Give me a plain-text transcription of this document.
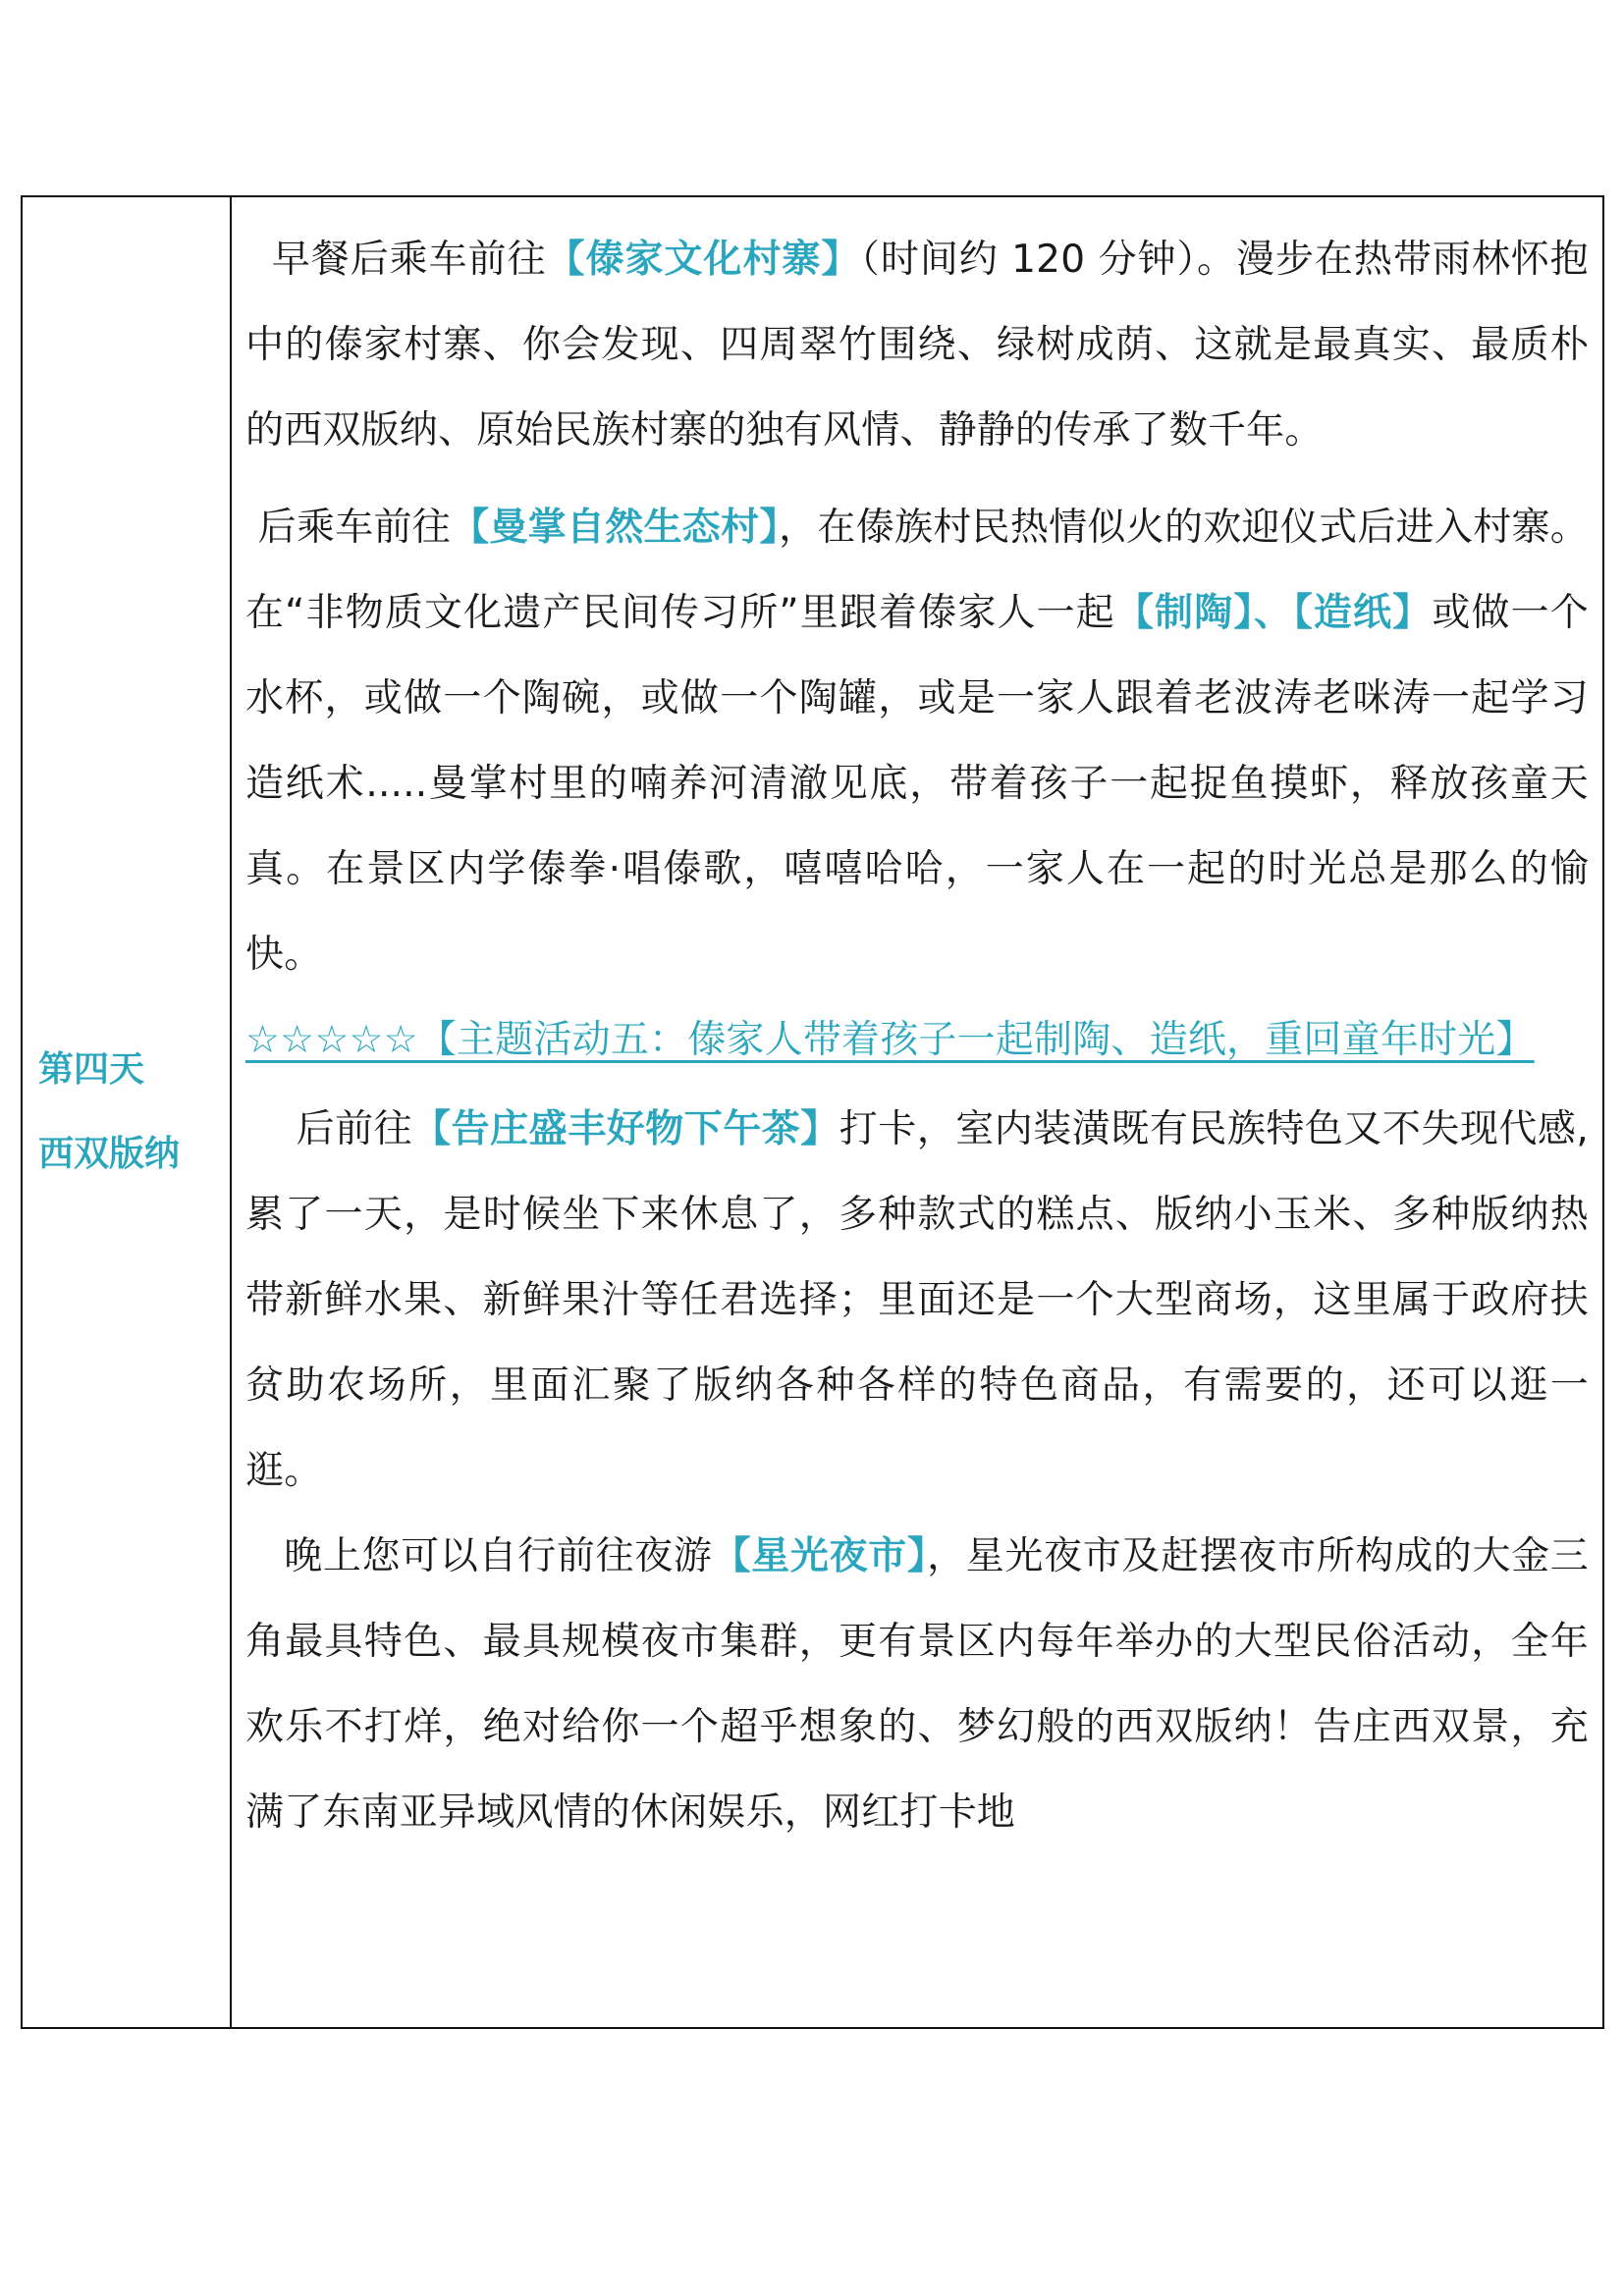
第四天
西双版纳

早餐后乘车前往【傣家文化村寨】（时间约 120 分钟）。漫步在热带雨林怀抱中的傣家村寨、你会发现、四周翠竹围绕、绿树成荫、这就是最真实、最质朴的西双版纳、原始民族村寨的独有风情、静静的传承了数千年。

后乘车前往【曼掌自然生态村】，在傣族村民热情似火的欢迎仪式后进入村寨。在“非物质文化遗产民间传习所”里跟着傣家人一起【制陶】、【造纸】或做一个水杯，或做一个陶碗，或做一个陶罐，或是一家人跟着老波涛老咪涛一起学习造纸术.....曼掌村里的喃养河清澈见底，带着孩子一起捉鱼摸虾，释放孩童天真。在景区内学傣拳·唱傣歌，嘻嘻哈哈，一家人在一起的时光总是那么的愉快。

☆☆☆☆☆【主题活动五：傣家人带着孩子一起制陶、造纸，重回童年时光】

后前往【告庄盛丰好物下午茶】打卡，室内装潢既有民族特色又不失现代感,累了一天，是时候坐下来休息了，多种款式的糕点、版纳小玉米、多种版纳热带新鲜水果、新鲜果汁等任君选择；里面还是一个大型商场，这里属于政府扶贫助农场所，里面汇聚了版纳各种各样的特色商品，有需要的，还可以逛一逛。

晚上您可以自行前往夜游【星光夜市】，星光夜市及赶摆夜市所构成的大金三角最具特色、最具规模夜市集群，更有景区内每年举办的大型民俗活动，全年欢乐不打烊，绝对给你一个超乎想象的、梦幻般的西双版纳！告庄西双景，充满了东南亚异域风情的休闲娱乐，网红打卡地
